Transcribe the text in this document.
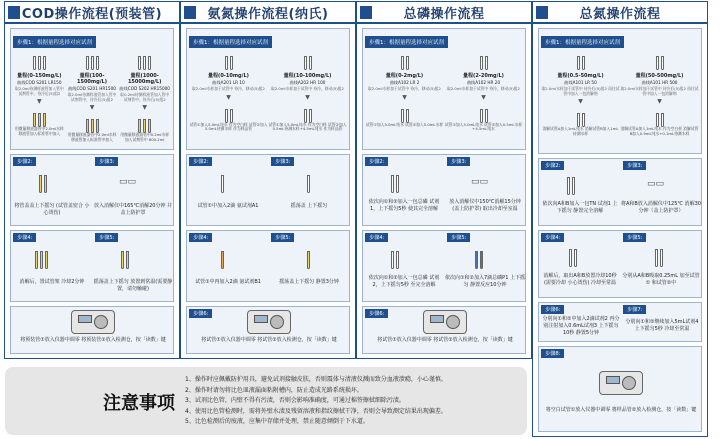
COD操作流程(预装管)
步骤1：根据量程选择对应试剂
量程(0-150mg/L)
曲线COD S201 LR150
取2.0ml待测样液管加入管中 试剂管中，待冷后(5)组2
▼
用微量移液器管中2.0ml水样 移液管加入标准管中加入
量程(100-1500mg/L)
曲线COD S201 HR1500
取2.0ml待测样液管加入管中 试剂管中，待冷后(5)组2
▼
用微量移液器管中2.0ml水样 移液管加入标准管中加入
量程(1000-15000mg/L)
曲线COD S202 HR15000
取0.2ml待测样液管加入管中 试剂管中，待冷后(5)组2
▼
用微量移液器管中0.2ml水样 加入试剂管中 800.2ml
步骤2:	步骤3:
▭▭
将管盖盖上下摇匀 (试管盖密合 小心烫伤)
放入消解仪中165℃消解20分钟 并盖上防护罩
步骤4:	步骤5:
消解后，置试管架 冷却2分钟	摇荡盖上下摇匀 放置到常温(需要静置，请勿触碰)
将预装管①放入仪器中调零 将预装管②放入检测仓，按「读数」键
氨氮操作流程(纳氏)
步骤1：根据量程选择对应试剂
量程(0-10mg/L)
曲线A201 LR 10
取2.0ml水样加于试管中 待冷，移动(5)组2
▼
试管①加入5.0mL纯水 作为空白样 试管②加入5.0mL待测水样 作为样品管
量程(10-100mg/L)
曲线A202 HR 100
取2.0ml水样加于试管中 待冷，移动(5)组2
▼
试管①加入5.0mL纯水 作为空白样 试管②加入0.5mL待测水样+4.5mL纯水 作为样品管
步骤2:	步骤3:
试管①中加入2滴 氨试剂A1	摇荡盖 上下摇匀
步骤4:	步骤5:
试管①中再加入2滴 氨试剂B1	摇荡盖上下摇匀 静置3分钟
步骤6:
将试管①放入仪器中调零 将试管②放入检测仓，按「读数」键
总磷操作流程
步骤1：根据量程选择对应试剂
量程(0-2mg/L)
曲线A102 LR 2
取2.0ml水样加于试管中 待冷，移动(5)组2
▼
试管①加入5.0mL纯水 试管②加入5.0mL水样
量程(2-20mg/L)
曲线A102 HR 20
取2.0ml水样加于试管中 待冷，移动(5)组2
▼
试管①加入5.0mL纯水 试管②加入0.5mL水样+4.5mL纯水
步骤2:	步骤3:
▭▭
依次向①和②加入一包总磷 试剂1，上下摇匀5秒 使其完全溶解
放入消解仪中150℃消解15分钟 (盖上防护罩) 取出冷却至室温
步骤4:	步骤5:
依次向①和②加入一包总磷 试剂2，上下摇匀5秒 至完全溶解
依次向①和②加入7滴总磷P1 上下摇匀 静置反应10分钟
步骤6:
将试管①放入仪器中调零 将试管②放入检测仓，按「读数」键
总氮操作流程
步骤1：根据量程选择对应试剂
量程(0.5-50mg/L)
曲线A101 LR 50
取2.0ml水样加于试管中 待冷后(5)组2 再往试管中加入一包消解剂
▼
消解试管A加入1mL纯水 消解试管B加入1mL待测水样
量程(50-500mg/L)
曲线A101 HR 500
取2.0ml水样加于试管中 待冷后(5)组2 再往试管中加入一包消解剂
▼
消解试管A加入1mL纯水 作为空白样 消解试管B加入0.9mL纯水+0.1mL待测水样
步骤2:	步骤3:
▭▭
依次向A和B加入一包TN 试剂1 上下摇匀 静置完全溶解
将A和B放入消解仪中125℃ 消解30分钟（盖上防护罩）
步骤4:	步骤5:
消解后，取出A和B放置冷却10秒 (需要冷却 小心烫伤) 冷却至常温
分别从A和B吸取0.25mL 加至试管① 和试管②中
步骤6:	步骤7:
分别向①和②中加入2滴试剂2 再分别注射加入0.6mL试剂3 上下摇匀10秒 静置5分钟
分别向①和②继续加入5mL试剂4 上下摇匀5秒 冷却至常温
步骤8:
将空白试管①放入仪器中调零 将样品管②放入检测仓，按「读数」键
注意事项
1、操作时应佩戴防护用具，避免试剂接触皮肤，否则震体与清液仪溅而致分血液溃瘾，小心谨慎。
2、操作时请勿将比色皿液漏面粘附槽内，防止造成光路系统损坏。
3、试剂比色管，内壁不得有污渍，否则会影响准确度，可通过棉签擦拭细除污渍。
4、使用比色管检测时，需将外壁水渍及残留溶液和指纹擦拭干净，否则会导致测定结果出现偏差。
5、比色检测后的废液，应集中存储并处理，禁止随意倾倒于下水道。
